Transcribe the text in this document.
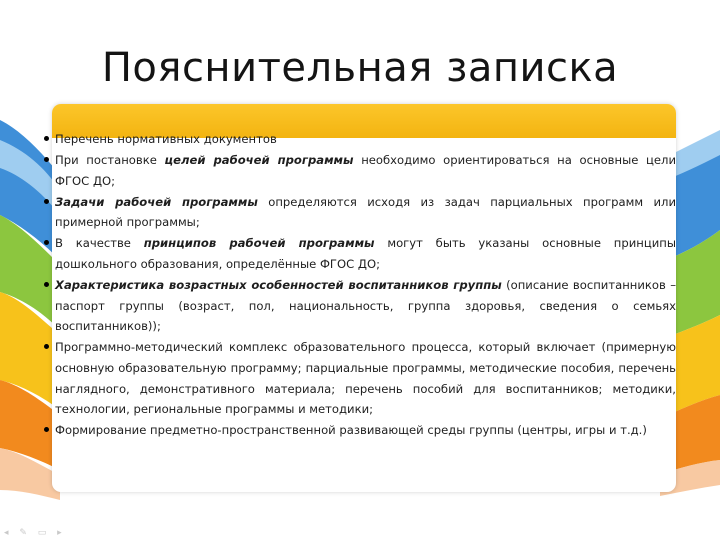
Пояснительная записка
Перечень нормативных документов
При постановке целей рабочей программы необходимо ориентироваться на основные цели ФГОС ДО;
Задачи рабочей программы определяются исходя из задач парциальных программ или примерной программы;
В качестве принципов рабочей программы могут быть указаны основные принципы дошкольного образования, определённые ФГОС ДО;
Характеристика возрастных особенностей воспитанников группы (описание воспитанников – паспорт группы (возраст, пол, национальность, группа здоровья, сведения о семьях воспитанников));
Программно-методический комплекс образовательного процесса, который включает (примерную основную образовательную программу; парциальные программы, методические пособия, перечень наглядного, демонстративного материала; перечень пособий для воспитанников; методики, технологии, региональные программы и методики;
Формирование предметно-пространственной развивающей среды группы (центры, игры и т.д.)
◂ ✎ ▭ ▸
